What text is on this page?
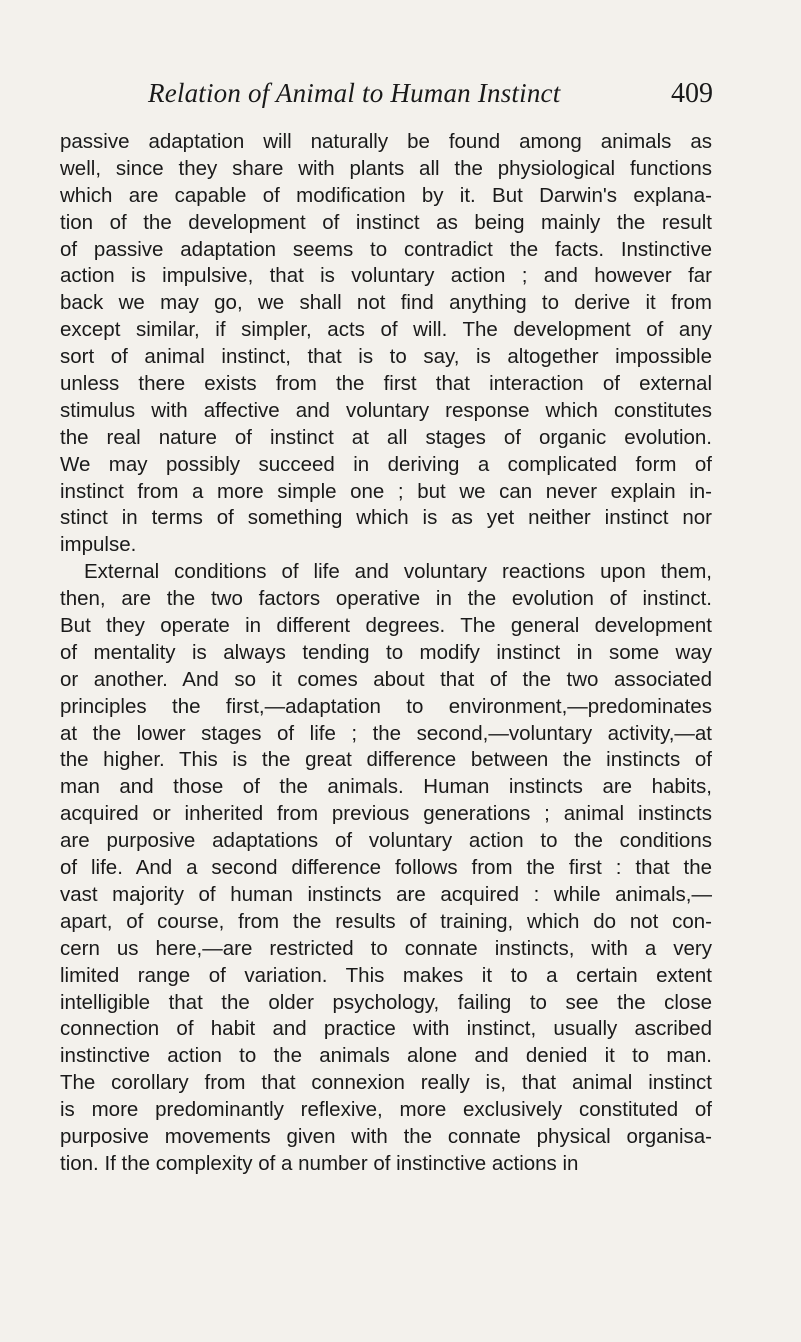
Relation of Animal to Human Instinct	409
passive adaptation will naturally be found among animals as
well, since they share with plants all the physiological functions
which are capable of modification by it. But Darwin's explana-
tion of the development of instinct as being mainly the result
of passive adaptation seems to contradict the facts. Instinctive
action is impulsive, that is voluntary action ; and however far
back we may go, we shall not find anything to derive it from
except similar, if simpler, acts of will. The development of any
sort of animal instinct, that is to say, is altogether impossible
unless there exists from the first that interaction of external
stimulus with affective and voluntary response which constitutes
the real nature of instinct at all stages of organic evolution.
We may possibly succeed in deriving a complicated form of
instinct from a more simple one ; but we can never explain in-
stinct in terms of something which is as yet neither instinct nor
impulse.
External conditions of life and voluntary reactions upon them,
then, are the two factors operative in the evolution of instinct.
But they operate in different degrees. The general development
of mentality is always tending to modify instinct in some way
or another. And so it comes about that of the two associated
principles the first,—adaptation to environment,—predominates
at the lower stages of life ; the second,—voluntary activity,—at
the higher. This is the great difference between the instincts of
man and those of the animals. Human instincts are habits,
acquired or inherited from previous generations ; animal instincts
are purposive adaptations of voluntary action to the conditions
of life. And a second difference follows from the first : that the
vast majority of human instincts are acquired : while animals,—
apart, of course, from the results of training, which do not con-
cern us here,—are restricted to connate instincts, with a very
limited range of variation. This makes it to a certain extent
intelligible that the older psychology, failing to see the close
connection of habit and practice with instinct, usually ascribed
instinctive action to the animals alone and denied it to man.
The corollary from that connexion really is, that animal instinct
is more predominantly reflexive, more exclusively constituted of
purposive movements given with the connate physical organisa-
tion. If the complexity of a number of instinctive actions in
